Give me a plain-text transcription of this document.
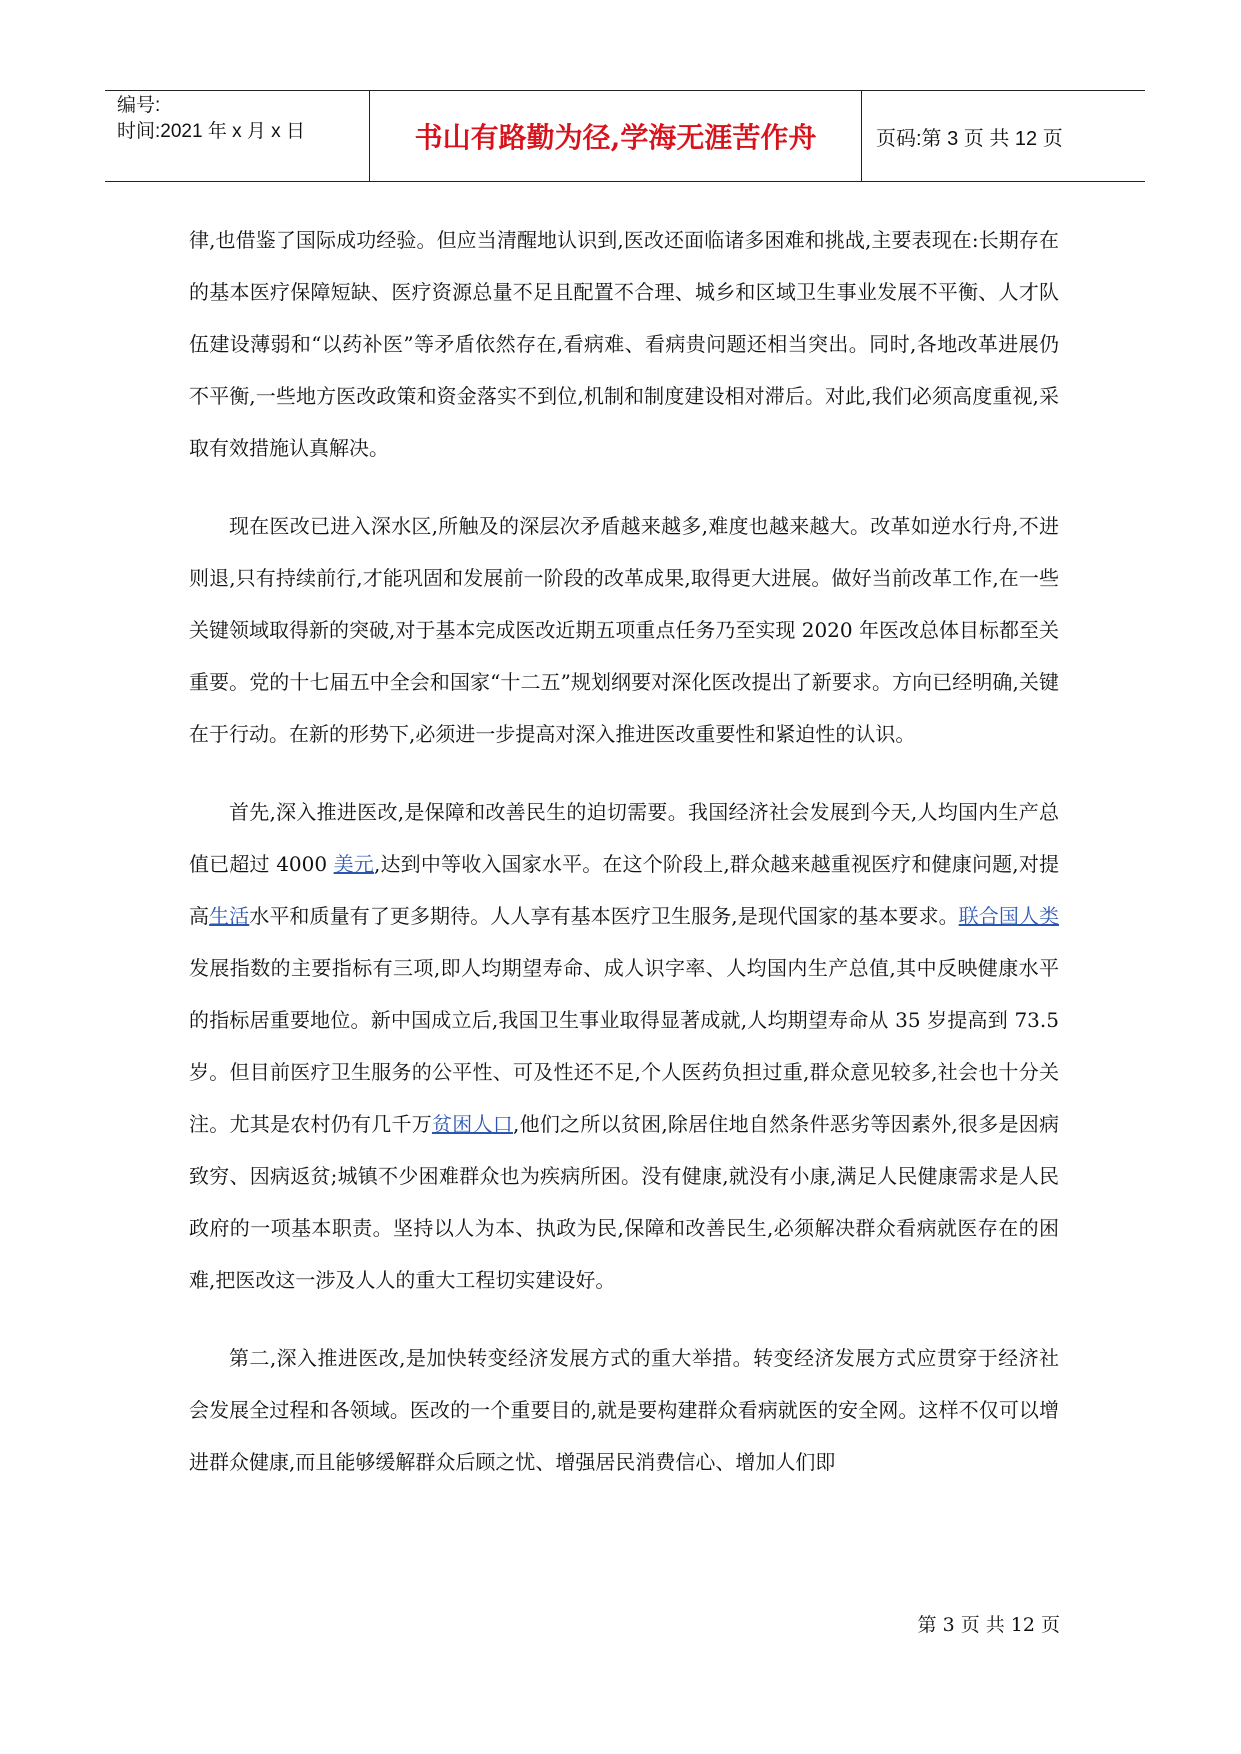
编号:
时间:2021 年 x 月 x 日	书山有路勤为径,学海无涯苦作舟	页码:第 3 页 共 12 页

律,也借鉴了国际成功经验。但应当清醒地认识到,医改还面临诸多困难和挑战,主要表现在:长期存在的基本医疗保障短缺、医疗资源总量不足且配置不合理、城乡和区域卫生事业发展不平衡、人才队伍建设薄弱和“以药补医”等矛盾依然存在,看病难、看病贵问题还相当突出。同时,各地改革进展仍不平衡,一些地方医改政策和资金落实不到位,机制和制度建设相对滞后。对此,我们必须高度重视,采取有效措施认真解决。

现在医改已进入深水区,所触及的深层次矛盾越来越多,难度也越来越大。改革如逆水行舟,不进则退,只有持续前行,才能巩固和发展前一阶段的改革成果,取得更大进展。做好当前改革工作,在一些关键领域取得新的突破,对于基本完成医改近期五项重点任务乃至实现 2020 年医改总体目标都至关重要。党的十七届五中全会和国家“十二五”规划纲要对深化医改提出了新要求。方向已经明确,关键在于行动。在新的形势下,必须进一步提高对深入推进医改重要性和紧迫性的认识。

首先,深入推进医改,是保障和改善民生的迫切需要。我国经济社会发展到今天,人均国内生产总值已超过 4000 美元,达到中等收入国家水平。在这个阶段上,群众越来越重视医疗和健康问题,对提高生活水平和质量有了更多期待。人人享有基本医疗卫生服务,是现代国家的基本要求。联合国人类发展指数的主要指标有三项,即人均期望寿命、成人识字率、人均国内生产总值,其中反映健康水平的指标居重要地位。新中国成立后,我国卫生事业取得显著成就,人均期望寿命从 35 岁提高到 73.5 岁。但目前医疗卫生服务的公平性、可及性还不足,个人医药负担过重,群众意见较多,社会也十分关注。尤其是农村仍有几千万贫困人口,他们之所以贫困,除居住地自然条件恶劣等因素外,很多是因病致穷、因病返贫;城镇不少困难群众也为疾病所困。没有健康,就没有小康,满足人民健康需求是人民政府的一项基本职责。坚持以人为本、执政为民,保障和改善民生,必须解决群众看病就医存在的困难,把医改这一涉及人人的重大工程切实建设好。

第二,深入推进医改,是加快转变经济发展方式的重大举措。转变经济发展方式应贯穿于经济社会发展全过程和各领域。医改的一个重要目的,就是要构建群众看病就医的安全网。这样不仅可以增进群众健康,而且能够缓解群众后顾之忧、增强居民消费信心、增加人们即

第 3 页 共 12 页
